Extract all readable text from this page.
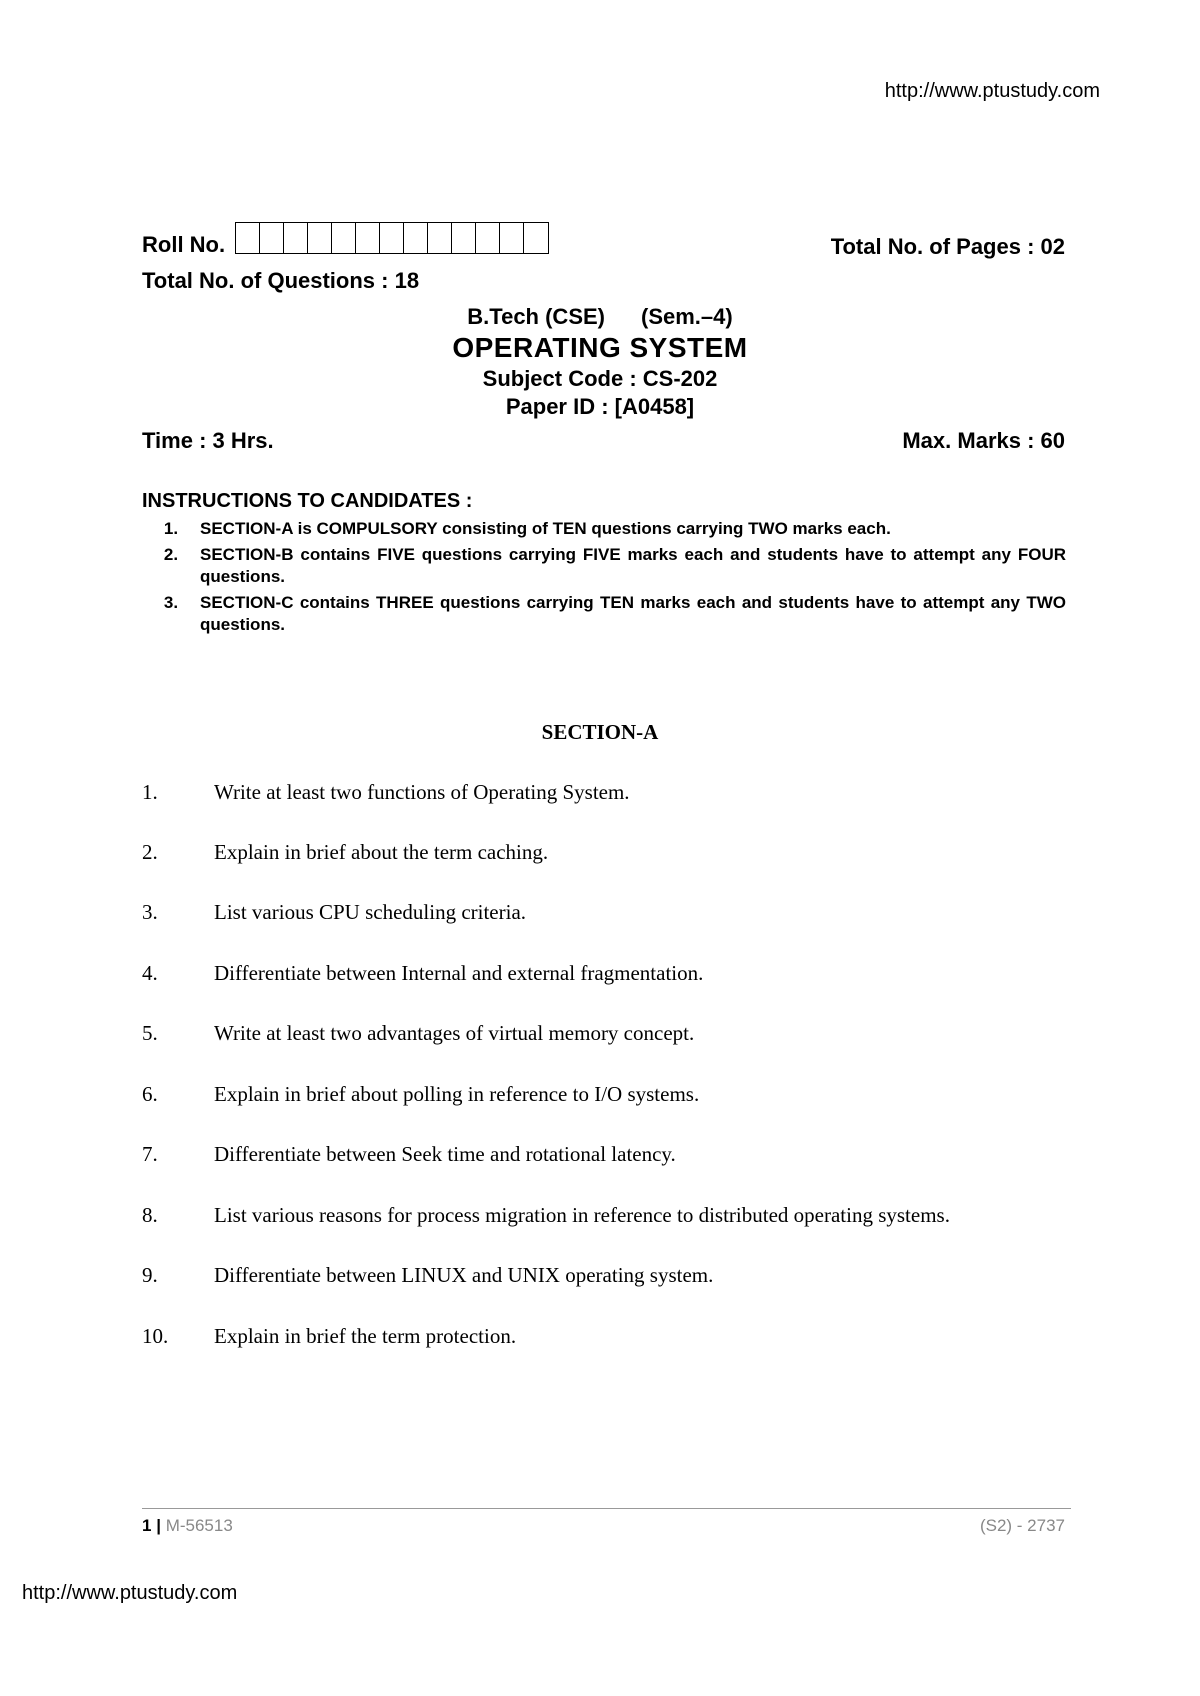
http://www.ptustudy.com
Roll No.	Total No. of Pages : 02
Total No. of Questions : 18
B.Tech (CSE) (Sem.–4)
OPERATING SYSTEM
Subject Code : CS-202
Paper ID : [A0458]
Time : 3 Hrs.	Max. Marks : 60
INSTRUCTIONS TO CANDIDATES :
1.	SECTION-A is COMPULSORY consisting of TEN questions carrying TWO marks each.
2.	SECTION-B contains FIVE questions carrying FIVE marks each and students have to attempt any FOUR questions.
3.	SECTION-C contains THREE questions carrying TEN marks each and students have to attempt any TWO questions.
SECTION-A
1.	Write at least two functions of Operating System.
2.	Explain in brief about the term caching.
3.	List various CPU scheduling criteria.
4.	Differentiate between Internal and external fragmentation.
5.	Write at least two advantages of virtual memory concept.
6.	Explain in brief about polling in reference to I/O systems.
7.	Differentiate between Seek time and rotational latency.
8.	List various reasons for process migration in reference to distributed operating systems.
9.	Differentiate between LINUX and UNIX operating system.
10.	Explain in brief the term protection.
1 | M-56513	(S2) - 2737
http://www.ptustudy.com
